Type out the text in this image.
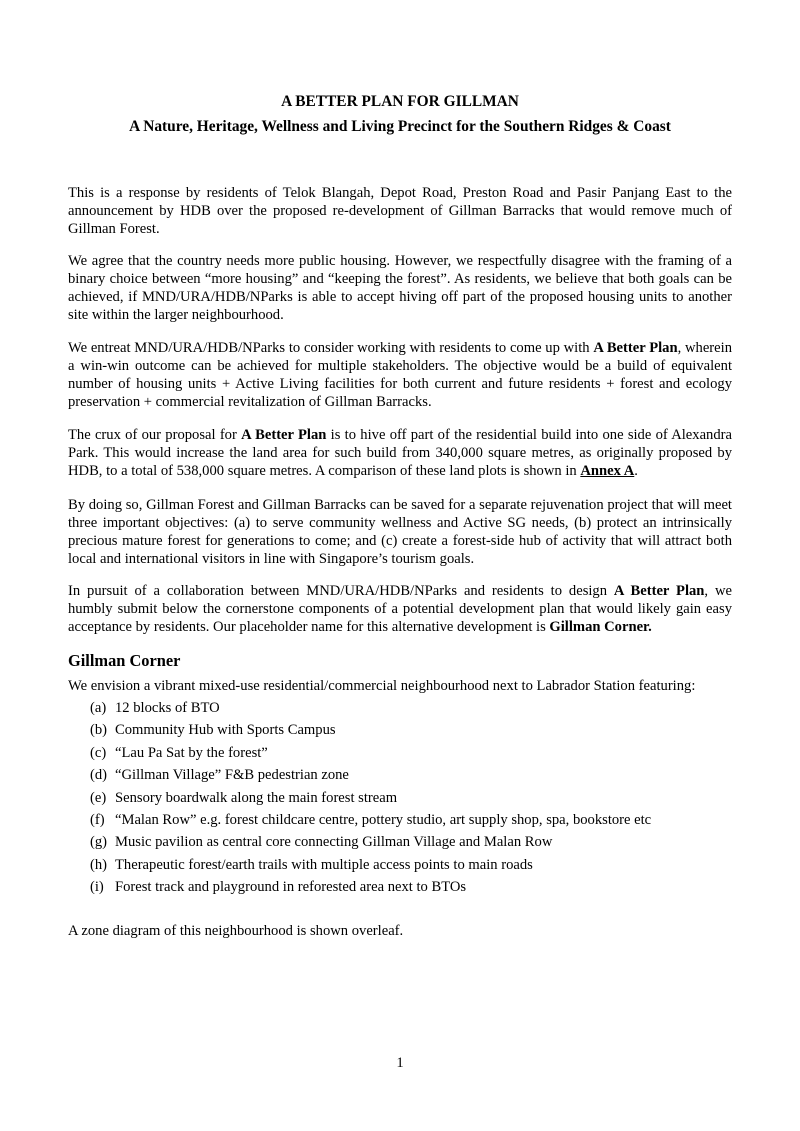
A BETTER PLAN FOR GILLMAN
A Nature, Heritage, Wellness and Living Precinct for the Southern Ridges & Coast

This is a response by residents of Telok Blangah, Depot Road, Preston Road and Pasir Panjang East to the announcement by HDB over the proposed re-development of Gillman Barracks that would remove much of Gillman Forest.

We agree that the country needs more public housing. However, we respectfully disagree with the framing of a binary choice between “more housing” and “keeping the forest”. As residents, we believe that both goals can be achieved, if MND/URA/HDB/NParks is able to accept hiving off part of the proposed housing units to another site within the larger neighbourhood.

We entreat MND/URA/HDB/NParks to consider working with residents to come up with A Better Plan, wherein a win-win outcome can be achieved for multiple stakeholders. The objective would be a build of equivalent number of housing units + Active Living facilities for both current and future residents + forest and ecology preservation + commercial revitalization of Gillman Barracks.

The crux of our proposal for A Better Plan is to hive off part of the residential build into one side of Alexandra Park. This would increase the land area for such build from 340,000 square metres, as originally proposed by HDB, to a total of 538,000 square metres. A comparison of these land plots is shown in Annex A.

By doing so, Gillman Forest and Gillman Barracks can be saved for a separate rejuvenation project that will meet three important objectives: (a) to serve community wellness and Active SG needs, (b) protect an intrinsically precious mature forest for generations to come; and (c) create a forest-side hub of activity that will attract both local and international visitors in line with Singapore’s tourism goals.

In pursuit of a collaboration between MND/URA/HDB/NParks and residents to design A Better Plan, we humbly submit below the cornerstone components of a potential development plan that would likely gain easy acceptance by residents. Our placeholder name for this alternative development is Gillman Corner.

Gillman Corner
We envision a vibrant mixed-use residential/commercial neighbourhood next to Labrador Station featuring:
(a) 12 blocks of BTO
(b) Community Hub with Sports Campus
(c) “Lau Pa Sat by the forest”
(d) “Gillman Village” F&B pedestrian zone
(e) Sensory boardwalk along the main forest stream
(f) “Malan Row” e.g. forest childcare centre, pottery studio, art supply shop, spa, bookstore etc
(g) Music pavilion as central core connecting Gillman Village and Malan Row
(h) Therapeutic forest/earth trails with multiple access points to main roads
(i) Forest track and playground in reforested area next to BTOs
A zone diagram of this neighbourhood is shown overleaf.
1
